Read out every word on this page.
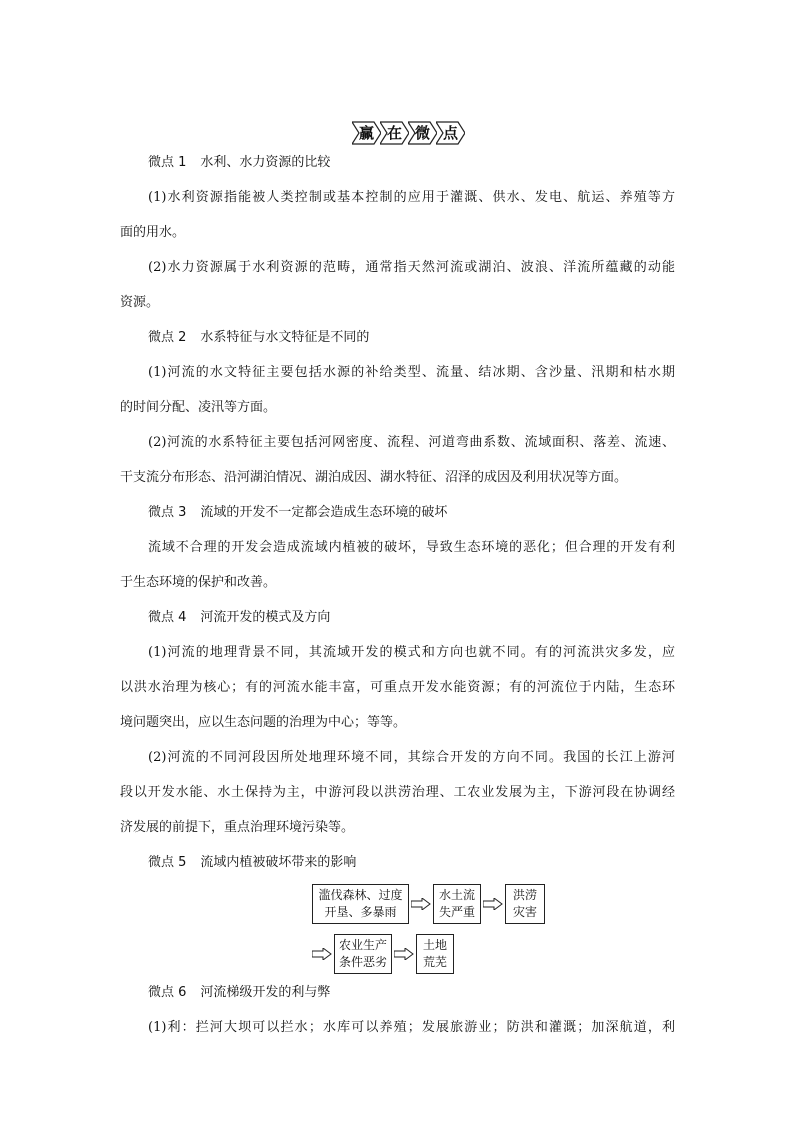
赢 在 微 点
微点 1 水利、水力资源的比较
(1)水利资源指能被人类控制或基本控制的应用于灌溉、供水、发电、航运、养殖等方
面的用水。
(2)水力资源属于水利资源的范畴，通常指天然河流或湖泊、波浪、洋流所蕴藏的动能
资源。
微点 2 水系特征与水文特征是不同的
(1)河流的水文特征主要包括水源的补给类型、流量、结冰期、含沙量、汛期和枯水期
的时间分配、凌汛等方面。
(2)河流的水系特征主要包括河网密度、流程、河道弯曲系数、流域面积、落差、流速、
干支流分布形态、沿河湖泊情况、湖泊成因、湖水特征、沼泽的成因及利用状况等方面。
微点 3 流域的开发不一定都会造成生态环境的破坏
流域不合理的开发会造成流域内植被的破坏，导致生态环境的恶化；但合理的开发有利
于生态环境的保护和改善。
微点 4 河流开发的模式及方向
(1)河流的地理背景不同，其流域开发的模式和方向也就不同。有的河流洪灾多发，应
以洪水治理为核心；有的河流水能丰富，可重点开发水能资源；有的河流位于内陆，生态环
境问题突出，应以生态问题的治理为中心；等等。
(2)河流的不同河段因所处地理环境不同，其综合开发的方向不同。我国的长江上游河
段以开发水能、水土保持为主，中游河段以洪涝治理、工农业发展为主，下游河段在协调经
济发展的前提下，重点治理环境污染等。
微点 5 流域内植被破坏带来的影响
滥伐森林、过度
开垦、多暴雨
水土流
失严重
洪涝
灾害
农业生产
条件恶劣
土地
荒芜
微点 6 河流梯级开发的利与弊
(1)利：拦河大坝可以拦水；水库可以养殖；发展旅游业；防洪和灌溉；加深航道，利
